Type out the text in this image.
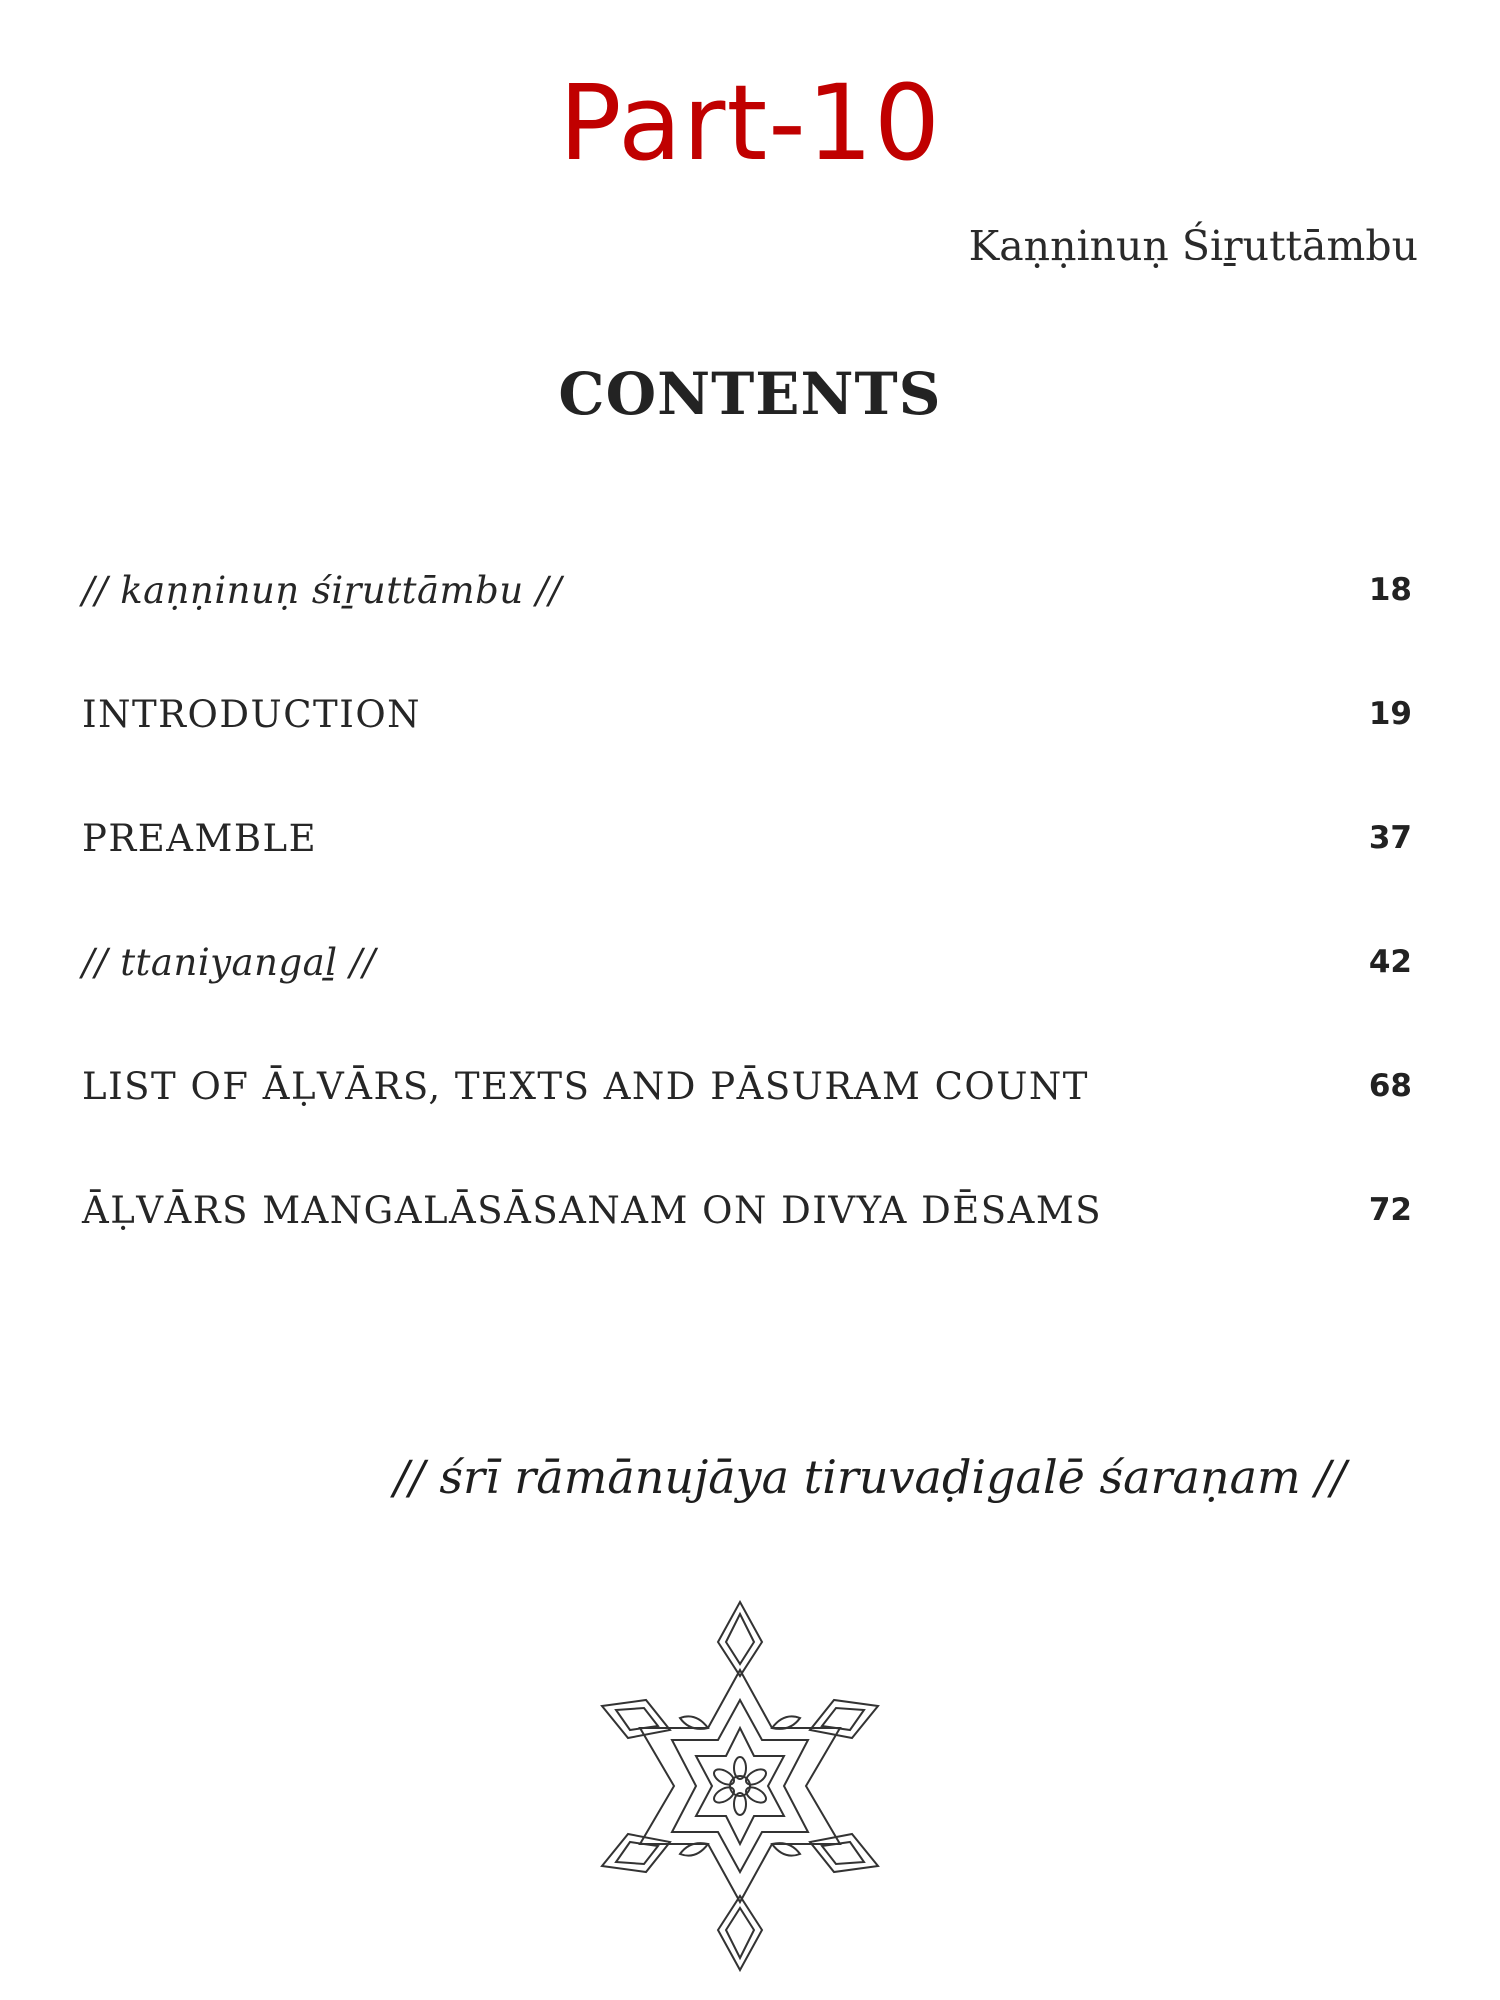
Part-10
Kaṇṇinuṇ Śiṟuttāmbu
CONTENTS
// kaṇṇinuṇ śiṟuttāmbu //	18
INTRODUCTION	19
PREAMBLE	37
// ttaniyangaḻ //	42
LIST OF ĀḶVĀRS, TEXTS AND PĀSURAM COUNT	68
ĀḶVĀRS MANGALĀSĀSANAM ON DIVYA DĒSAMS	72
// śrī rāmānujāya tiruvaḍigalē śaraṇam //
